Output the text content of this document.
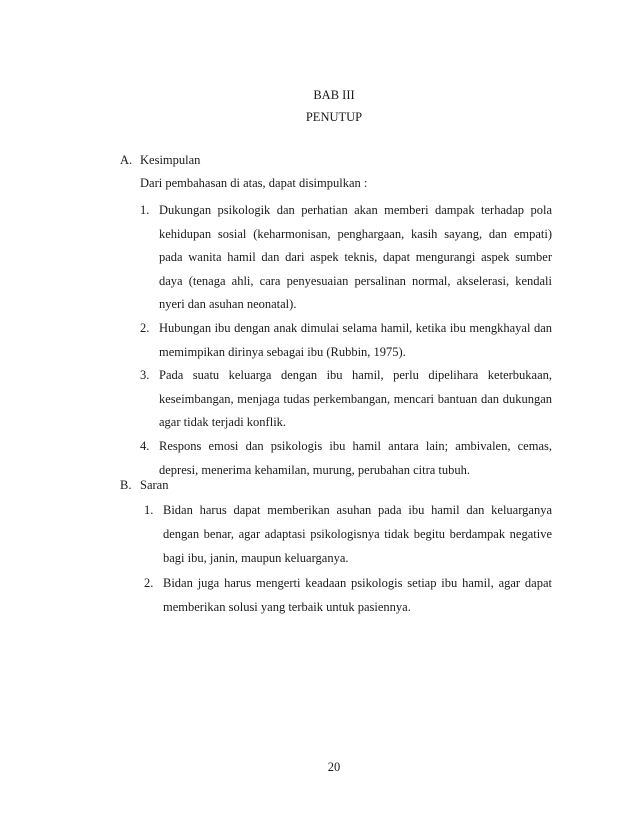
BAB III
PENUTUP
A. Kesimpulan
Dari pembahasan di atas, dapat disimpulkan :
1. Dukungan psikologik dan perhatian akan memberi dampak terhadap pola kehidupan sosial (keharmonisan, penghargaan, kasih sayang, dan empati) pada wanita hamil dan dari aspek teknis, dapat mengurangi aspek sumber daya (tenaga ahli, cara penyesuaian persalinan normal, akselerasi, kendali nyeri dan asuhan neonatal).
2. Hubungan ibu dengan anak dimulai selama hamil, ketika ibu mengkhayal dan memimpikan dirinya sebagai ibu (Rubbin, 1975).
3. Pada suatu keluarga dengan ibu hamil, perlu dipelihara keterbukaan, keseimbangan, menjaga tudas perkembangan, mencari bantuan dan dukungan agar tidak terjadi konflik.
4. Respons emosi dan psikologis ibu hamil antara lain; ambivalen, cemas, depresi, menerima kehamilan, murung, perubahan citra tubuh.
B. Saran
1. Bidan harus dapat memberikan asuhan pada ibu hamil dan keluarganya dengan benar, agar adaptasi psikologisnya tidak begitu berdampak negative bagi ibu, janin, maupun keluarganya.
2. Bidan juga harus mengerti keadaan psikologis setiap ibu hamil, agar dapat memberikan solusi yang terbaik untuk pasiennya.
20
